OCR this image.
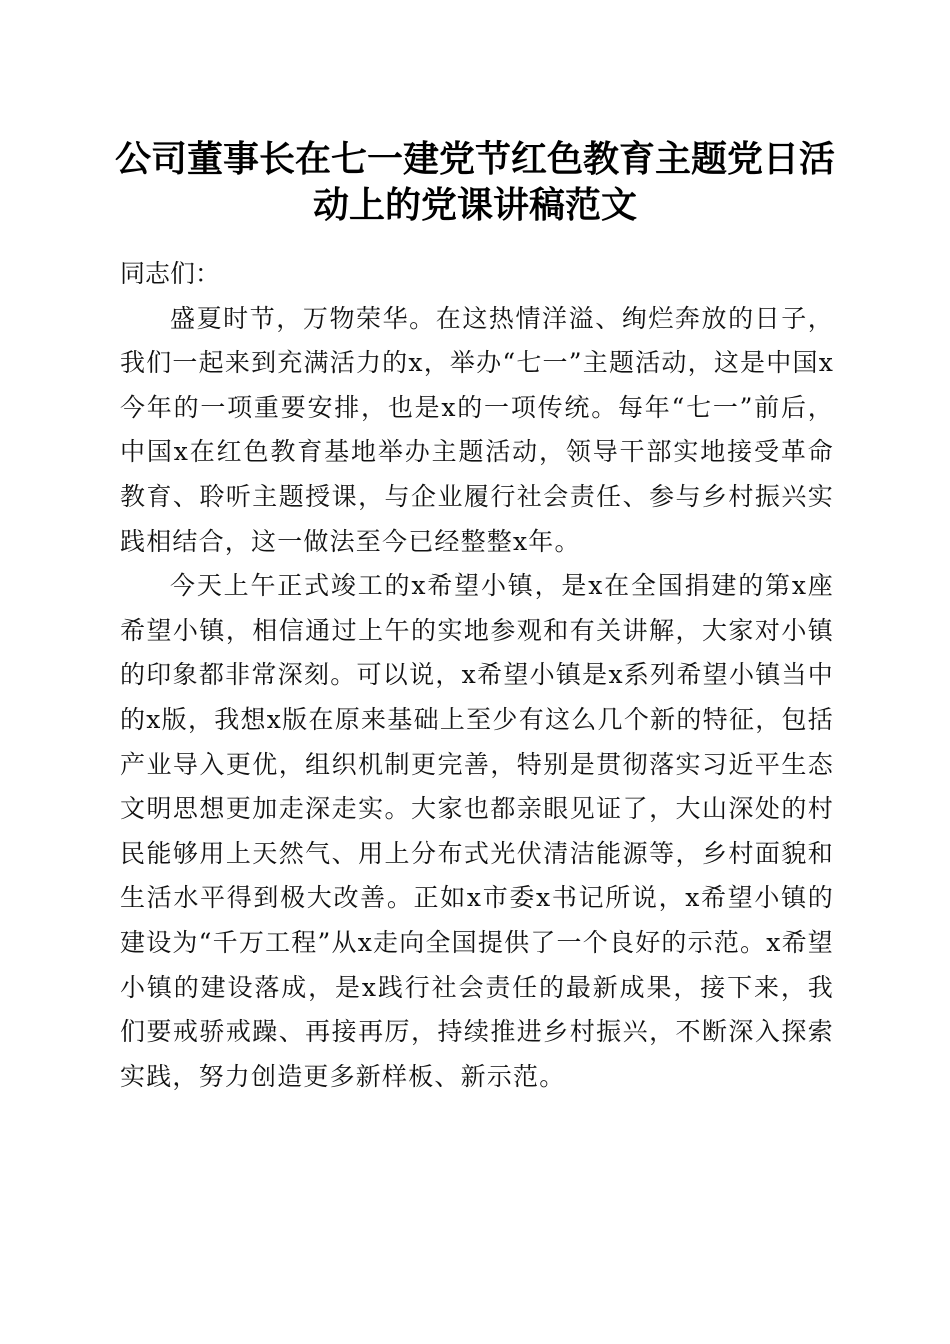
公司董事长在七一建党节红色教育主题党日活
动上的党课讲稿范文

同志们：

盛夏时节，万物荣华。在这热情洋溢、绚烂奔放的日子，我们一起来到充满活力的x，举办“七一”主题活动，这是中国x今年的一项重要安排，也是x的一项传统。每年“七一”前后，中国x在红色教育基地举办主题活动，领导干部实地接受革命教育、聆听主题授课，与企业履行社会责任、参与乡村振兴实践相结合，这一做法至今已经整整x年。

今天上午正式竣工的x希望小镇，是x在全国捐建的第x座希望小镇，相信通过上午的实地参观和有关讲解，大家对小镇的印象都非常深刻。可以说，x希望小镇是x系列希望小镇当中的x版，我想x版在原来基础上至少有这么几个新的特征，包括产业导入更优，组织机制更完善，特别是贯彻落实习近平生态文明思想更加走深走实。大家也都亲眼见证了，大山深处的村民能够用上天然气、用上分布式光伏清洁能源等，乡村面貌和生活水平得到极大改善。正如x市委x书记所说，x希望小镇的建设为“千万工程”从x走向全国提供了一个良好的示范。x希望小镇的建设落成，是x践行社会责任的最新成果，接下来，我们要戒骄戒躁、再接再厉，持续推进乡村振兴，不断深入探索实践，努力创造更多新样板、新示范。
